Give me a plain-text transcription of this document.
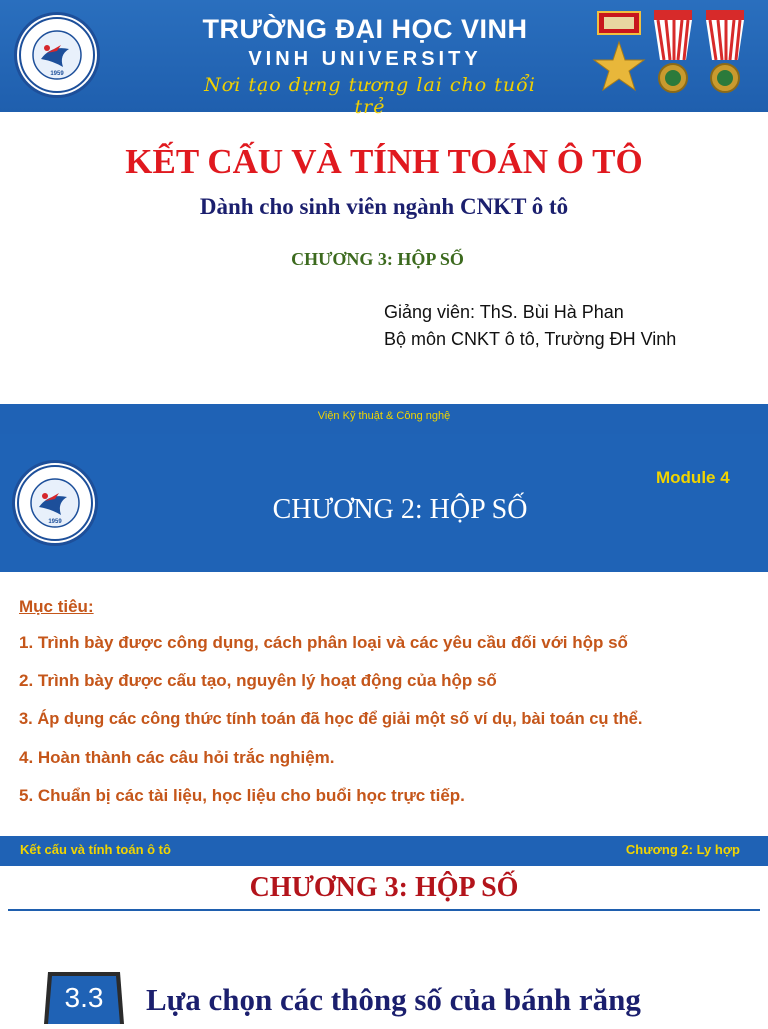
1959
TRƯỜNG ĐẠI HỌC VINH
VINH UNIVERSITY
Nơi tạo dựng tương lai cho tuổi trẻ
KẾT CẤU VÀ TÍNH TOÁN Ô TÔ
Dành cho sinh viên ngành CNKT ô tô
CHƯƠNG 3: HỘP SỐ
Giảng viên: ThS. Bùi Hà Phan
Bộ môn CNKT ô tô, Trường ĐH Vinh
Viện Kỹ thuật & Công nghệ
1959
Module 4
CHƯƠNG 2: HỘP SỐ
Mục tiêu:
1. Trình bày được công dụng, cách phân loại và các yêu cầu đối với hộp số
2. Trình bày được cấu tạo, nguyên lý hoạt động của hộp số
3. Áp dụng các công thức tính toán đã học để giải một số ví dụ, bài toán cụ thể.
4. Hoàn thành các câu hỏi trắc nghiệm.
5. Chuẩn bị các tài liệu, học liệu cho buổi học trực tiếp.
Kết cấu và tính toán ô tô	Chương 2: Ly hợp
CHƯƠNG 3: HỘP SỐ
3.3	Lựa chọn các thông số của bánh răng
